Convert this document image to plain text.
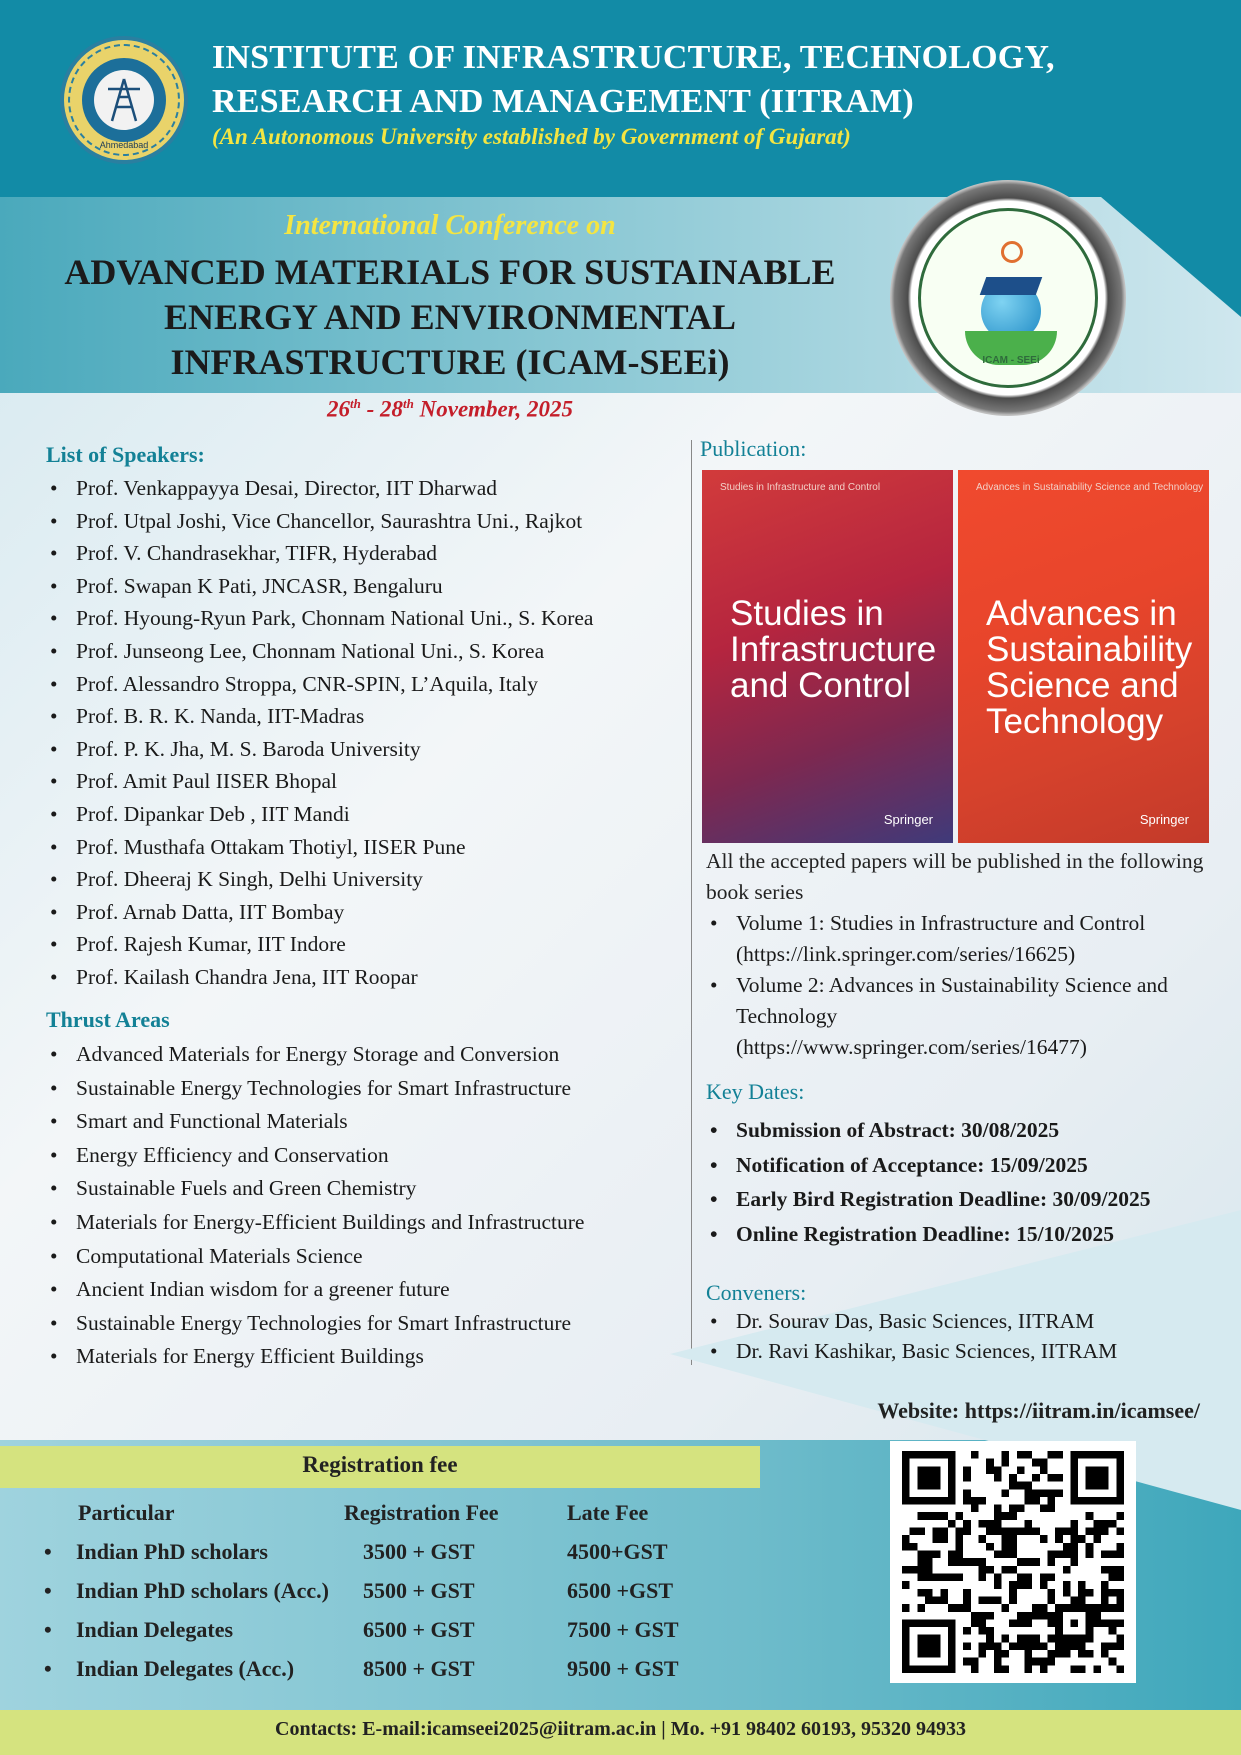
INSTITUTE OF INFRASTRUCTURE, TECHNOLOGY,
RESEARCH AND MANAGEMENT (IITRAM)
(An Autonomous University established by Government of Gujarat)
Ahmedabad
International Conference on
ADVANCED MATERIALS FOR SUSTAINABLE
ENERGY AND ENVIRONMENTAL
INFRASTRUCTURE (ICAM-SEEi)
26th - 28th November, 2025
ICAM - SEEi
List of Speakers:
• Prof. Venkappayya Desai, Director, IIT Dharwad
• Prof. Utpal Joshi, Vice Chancellor, Saurashtra Uni., Rajkot
• Prof. V. Chandrasekhar, TIFR, Hyderabad
• Prof. Swapan K Pati, JNCASR, Bengaluru
• Prof. Hyoung-Ryun Park, Chonnam National Uni., S. Korea
• Prof. Junseong Lee, Chonnam National Uni., S. Korea
• Prof. Alessandro Stroppa, CNR-SPIN, L’Aquila, Italy
• Prof. B. R. K. Nanda, IIT-Madras
• Prof. P. K. Jha, M. S. Baroda University
• Prof. Amit Paul IISER Bhopal
• Prof. Dipankar Deb , IIT Mandi
• Prof. Musthafa Ottakam Thotiyl, IISER Pune
• Prof. Dheeraj K Singh, Delhi University
• Prof. Arnab Datta, IIT Bombay
• Prof. Rajesh Kumar, IIT Indore
• Prof. Kailash Chandra Jena, IIT Roopar
Thrust Areas
• Advanced Materials for Energy Storage and Conversion
• Sustainable Energy Technologies for Smart Infrastructure
• Smart and Functional Materials
• Energy Efficiency and Conservation
• Sustainable Fuels and Green Chemistry
• Materials for Energy-Efficient Buildings and Infrastructure
• Computational Materials Science
• Ancient Indian wisdom for a greener future
• Sustainable Energy Technologies for Smart Infrastructure
• Materials for Energy Efficient Buildings
Publication:
Studies in Infrastructure and Control
Studies in Infrastructure and Control
Springer
Advances in Sustainability Science and Technology
Advances in Sustainability Science and Technology
Springer
All the accepted papers will be published in the following book series
• Volume 1: Studies in Infrastructure and Control
(https://link.springer.com/series/16625)
• Volume 2: Advances in Sustainability Science and Technology
(https://www.springer.com/series/16477)
Key Dates:
• Submission of Abstract: 30/08/2025
• Notification of Acceptance: 15/09/2025
• Early Bird Registration Deadline: 30/09/2025
• Online Registration Deadline: 15/10/2025
Conveners:
• Dr. Sourav Das, Basic Sciences, IITRAM
• Dr. Ravi Kashikar, Basic Sciences, IITRAM
Website: https://iitram.in/icamsee/
Registration fee
Particular	Registration Fee	Late Fee
• Indian PhD scholars	3500 + GST	4500+GST
• Indian PhD scholars (Acc.) 5500 + GST	6500 +GST
• Indian Delegates	6500 + GST	7500 + GST
• Indian Delegates (Acc.)	8500 + GST	9500 + GST
Contacts: E-mail:icamseei2025@iitram.ac.in | Mo. +91 98402 60193, 95320 94933
